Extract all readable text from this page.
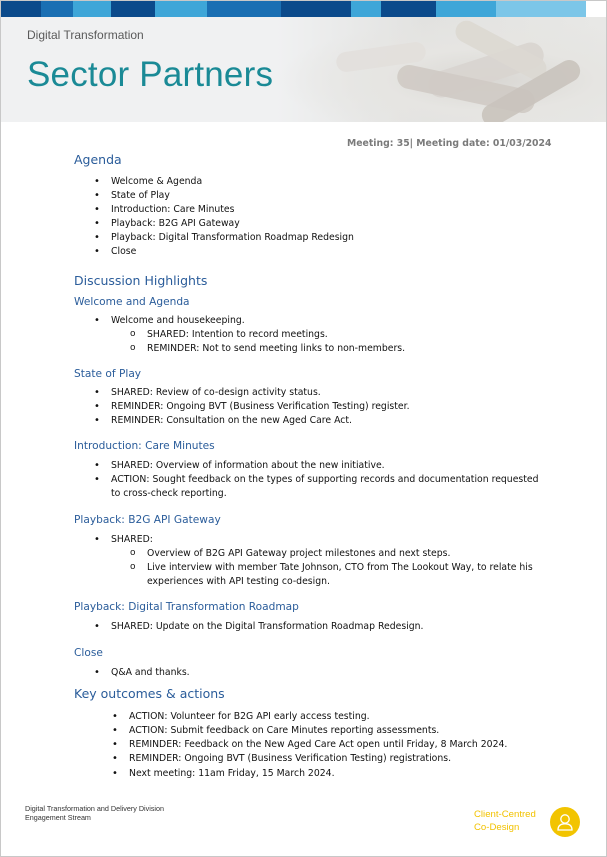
Digital Transformation
Sector Partners
Meeting: 35| Meeting date: 01/03/2024
Agenda
• Welcome & Agenda
• State of Play
• Introduction: Care Minutes
• Playback: B2G API Gateway
• Playback: Digital Transformation Roadmap Redesign
• Close
Discussion Highlights
Welcome and Agenda
• Welcome and housekeeping.
o SHARED: Intention to record meetings.
o REMINDER: Not to send meeting links to non-members.
State of Play
• SHARED: Review of co-design activity status.
• REMINDER: Ongoing BVT (Business Verification Testing) register.
• REMINDER: Consultation on the new Aged Care Act.
Introduction: Care Minutes
• SHARED: Overview of information about the new initiative.
• ACTION: Sought feedback on the types of supporting records and documentation requested
to cross-check reporting.
Playback: B2G API Gateway
• SHARED:
o Overview of B2G API Gateway project milestones and next steps.
o Live interview with member Tate Johnson, CTO from The Lookout Way, to relate his
experiences with API testing co-design.
Playback: Digital Transformation Roadmap
• SHARED: Update on the Digital Transformation Roadmap Redesign.
Close
• Q&A and thanks.
Key outcomes & actions
• ACTION: Volunteer for B2G API early access testing.
• ACTION: Submit feedback on Care Minutes reporting assessments.
• REMINDER: Feedback on the New Aged Care Act open until Friday, 8 March 2024.
• REMINDER: Ongoing BVT (Business Verification Testing) registrations.
• Next meeting: 11am Friday, 15 March 2024.
Digital Transformation and Delivery Division
Engagement Stream	Client-Centred
Co-Design
